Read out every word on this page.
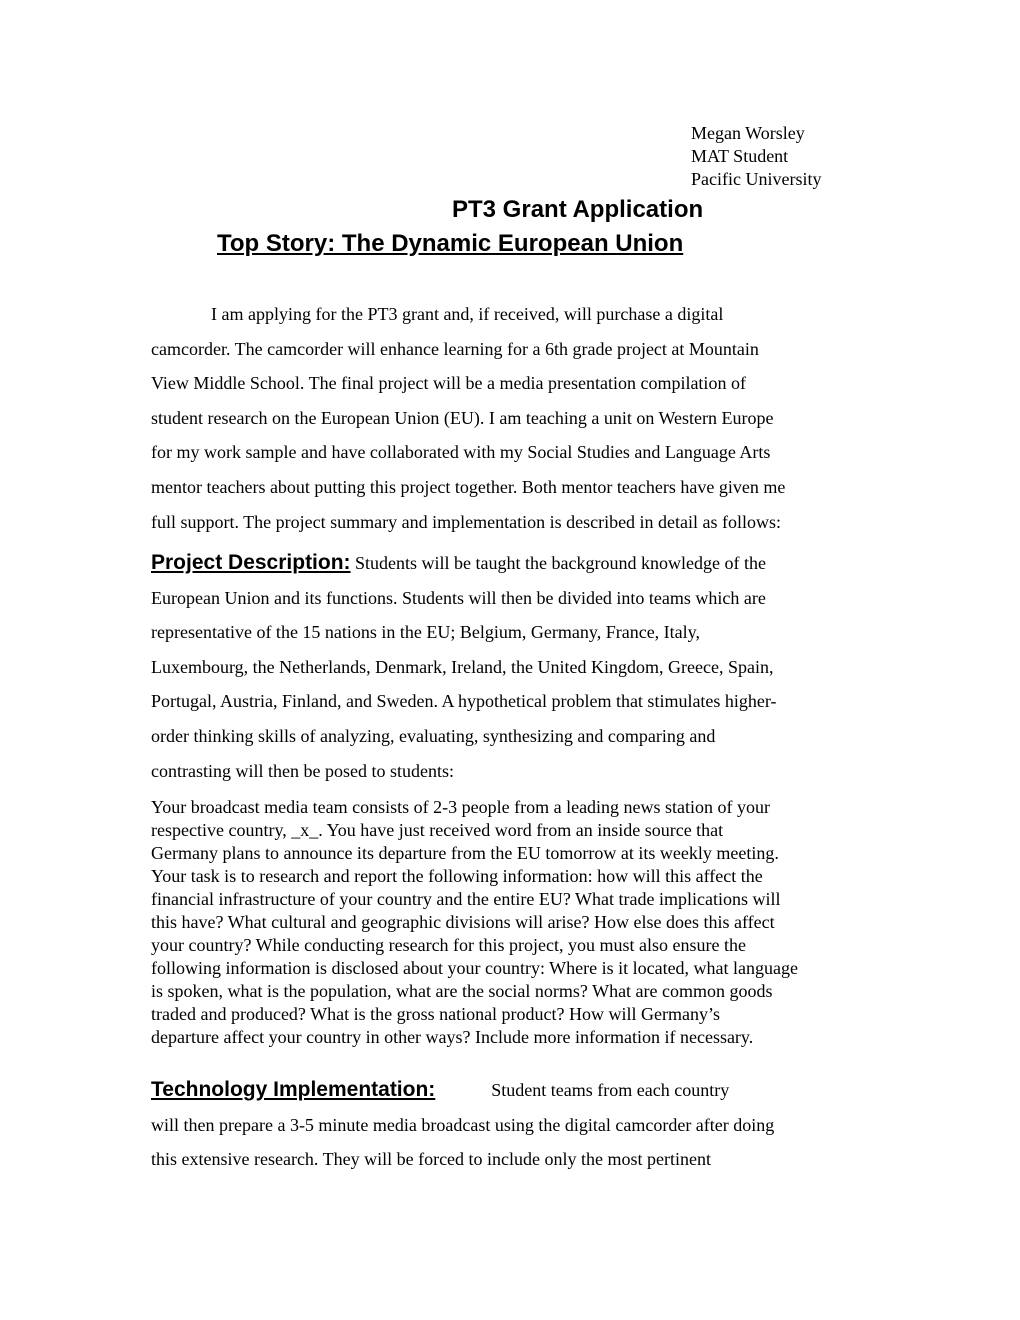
Megan Worsley
MAT Student
Pacific University
PT3 Grant Application
Top Story: The Dynamic European Union
I am applying for the PT3 grant and, if received, will purchase a digital
camcorder. The camcorder will enhance learning for a 6th grade project at Mountain
View Middle School. The final project will be a media presentation compilation of
student research on the European Union (EU). I am teaching a unit on Western Europe
for my work sample and have collaborated with my Social Studies and Language Arts
mentor teachers about putting this project together. Both mentor teachers have given me
full support. The project summary and implementation is described in detail as follows:
Project Description: Students will be taught the background knowledge of the
European Union and its functions. Students will then be divided into teams which are
representative of the 15 nations in the EU; Belgium, Germany, France, Italy,
Luxembourg, the Netherlands, Denmark, Ireland, the United Kingdom, Greece, Spain,
Portugal, Austria, Finland, and Sweden. A hypothetical problem that stimulates higher-
order thinking skills of analyzing, evaluating, synthesizing and comparing and
contrasting will then be posed to students:
Your broadcast media team consists of 2-3 people from a leading news station of your
respective country, _x_. You have just received word from an inside source that
Germany plans to announce its departure from the EU tomorrow at its weekly meeting.
Your task is to research and report the following information: how will this affect the
financial infrastructure of your country and the entire EU? What trade implications will
this have? What cultural and geographic divisions will arise? How else does this affect
your country? While conducting research for this project, you must also ensure the
following information is disclosed about your country: Where is it located, what language
is spoken, what is the population, what are the social norms? What are common goods
traded and produced? What is the gross national product? How will Germany’s
departure affect your country in other ways? Include more information if necessary.
Technology Implementation:	Student teams from each country
will then prepare a 3-5 minute media broadcast using the digital camcorder after doing
this extensive research. They will be forced to include only the most pertinent
